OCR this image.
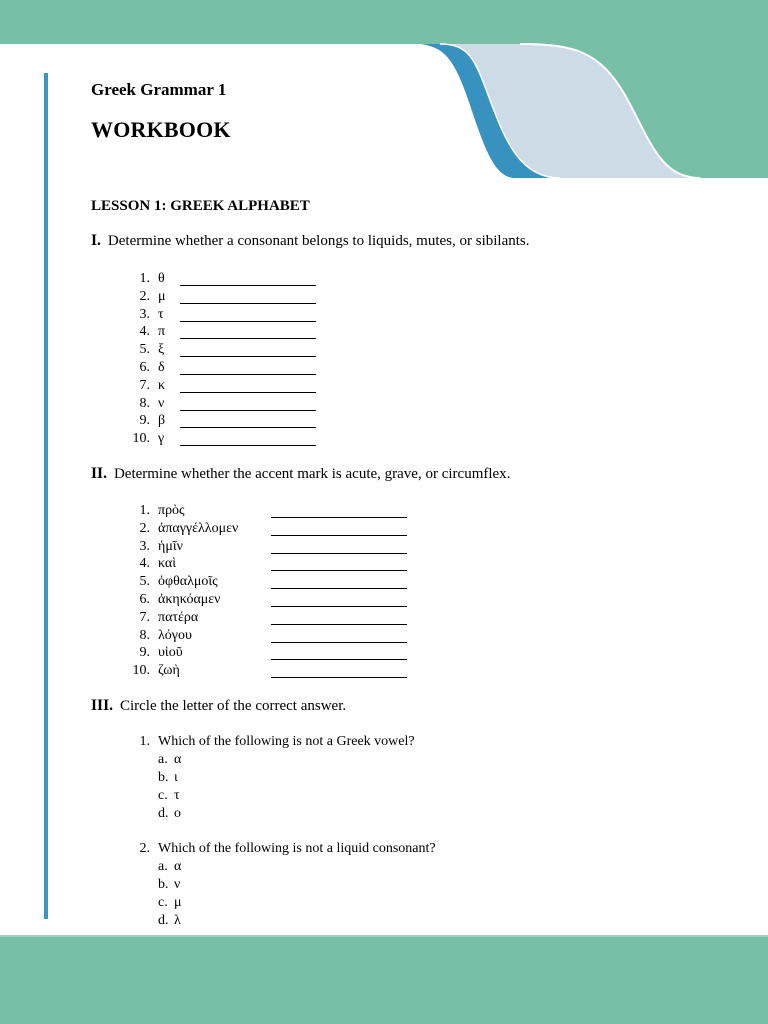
Greek Grammar 1
WORKBOOK
LESSON 1: GREEK ALPHABET
I. Determine whether a consonant belongs to liquids, mutes, or sibilants.
1. θ
2. μ
3. τ
4. π
5. ξ
6. δ
7. κ
8. ν
9. β
10. γ
II. Determine whether the accent mark is acute, grave, or circumflex.
1. πρὸς
2. ἀπαγγέλλομεν
3. ἡμῖν
4. καὶ
5. ὀφθαλμοῖς
6. ἀκηκόαμεν
7. πατέρα
8. λόγου
9. υἱοῦ
10. ζωὴ
III. Circle the letter of the correct answer.
1. Which of the following is not a Greek vowel?
a. α
b. ι
c. τ
d. ο
2. Which of the following is not a liquid consonant?
a. α
b. ν
c. μ
d. λ
